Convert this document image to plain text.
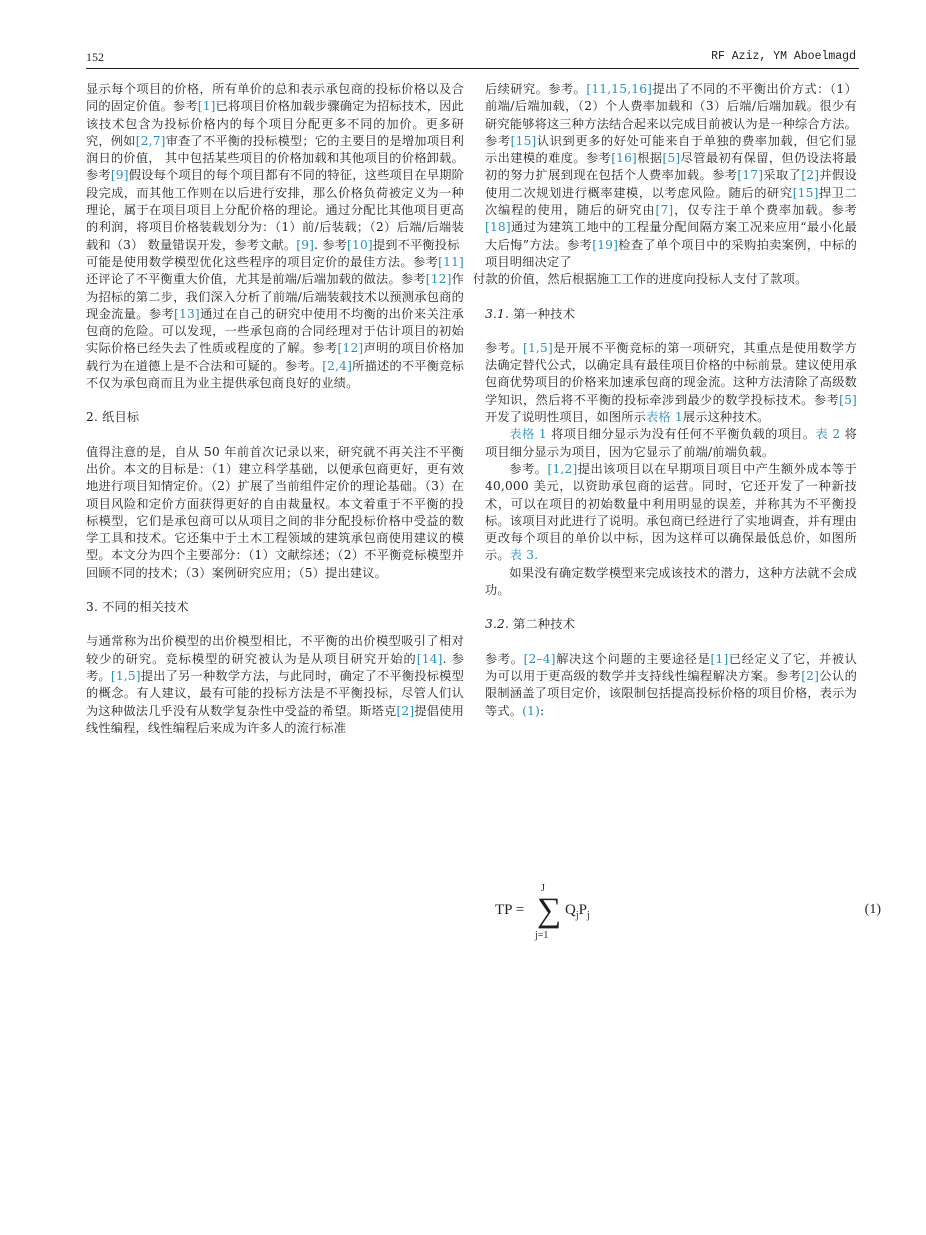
152	RF Aziz, YM Aboelmagd

显示每个项目的价格，所有单价的总和表示承包商的投标价格以及合同的固定价值。参考[1]已将项目价格加载步骤确定为招标技术，因此该技术包含为投标价格内的每个项目分配更多不同的加价。更多研究，例如[2,7]审查了不平衡的投标模型；它的主要目的是增加项目利润日的价值， 其中包括某些项目的价格加载和其他项目的价格卸载。参考[9]假设每个项目的每个项目都有不同的特征，这些项目在早期阶段完成，而其他工作则在以后进行安排，那么价格负荷被定义为一种理论，属于在项目项目上分配价格的理论。通过分配比其他项目更高的利润，将项目价格装载划分为：（1）前/后装载；（2）后端/后端装载和（3） 数量错误开发，参考文献。[9]. 参考[10]提到不平衡投标

可能是使用数学模型优化这些程序的项目定价的最佳方法。参考[11]还评论了不平衡重大价值，尤其是前端/后端加载的做法。参考[12]作为招标的第二步，我们深入分析了前端/后端装载技术以预测承包商的现金流量。参考[13]通过在自己的研究中使用不均衡的出价来关注承包商的危险。可以发现，一些承包商的合同经理对于估计项目的初始实际价格已经失去了性质或程度的了解。参考[12]声明的项目价格加载行为在道德上是不合法和可疑的。参考。[2,4]所描述的不平衡竞标不仅为承包商而且为业主提供承包商良好的业绩。

2. 纸目标

值得注意的是，自从 50 年前首次记录以来，研究就不再关注不平衡出价。本文的目标是：（1）建立科学基础，以便承包商更好，更有效地进行项目知情定价。（2）扩展了当前组件定价的理论基础。（3）在项目风险和定价方面获得更好的自由裁量权。本文着重于不平衡的投标模型，它们是承包商可以从项目之间的非分配投标价格中受益的数学工具和技术。它还集中于土木工程领域的建筑承包商使用建议的模型。本文分为四个主要部分：（1）文献综述；（2）不平衡竞标模型并回顾不同的技术；（3）案例研究应用；（5）提出建议。

3. 不同的相关技术

与通常称为出价模型的出价模型相比，不平衡的出价模型吸引了相对较少的研究。竞标模型的研究被认为是从项目研究开始的[14]. 参考。[1,5]提出了另一种数学方法，与此同时，确定了不平衡投标模型的概念。有人建议，最有可能的投标方法是不平衡投标，尽管人们认为这种做法几乎没有从数学复杂性中受益的希望。斯塔克[2]提倡使用线性编程，线性编程后来成为许多人的流行标准

后续研究。参考。[11,15,16]提出了不同的不平衡出价方式：（1）前端/后端加载，（2）个人费率加载和（3）后端/后端加载。很少有研究能够将这三种方法结合起来以完成目前被认为是一种综合方法。参考[15]认识到更多的好处可能来自于单独的费率加载，但它们显示出建模的难度。参考[16]根据[5]尽管最初有保留，但仍设法将最初的努力扩展到现在包括个人费率加载。参考[17]采取了[2]并假设使用二次规划进行概率建模，以考虑风险。随后的研究[15]捍卫二次编程的使用，随后的研究由[7]，仅专注于单个费率加载。参考[18]通过为建筑工地中的工程量分配间隔方案工况来应用“最小化最大后悔”方法。参考[19]检查了单个项目中的采购拍卖案例，中标的项目明细决定了

付款的价值，然后根据施工工作的进度向投标人支付了款项。

3.1. 第一种技术

参考。[1,5]是开展不平衡竞标的第一项研究，其重点是使用数学方法确定替代公式，以确定具有最佳项目价格的中标前景。建议使用承包商优势项目的价格来加速承包商的现金流。这种方法清除了高级数学知识，然后将不平衡的投标牵涉到最少的数学投标技术。参考[5]开发了说明性项目，如图所示表格 1展示这种技术。

表格 1 将项目细分显示为没有任何不平衡负载的项目。表 2 将项目细分显示为项目，因为它显示了前端/前端负载。

参考。[1,2]提出该项目以在早期项目项目中产生额外成本等于 40,000 美元，以资助承包商的运营。同时，它还开发了一种新技术，可以在项目的初始数量中利用明显的误差，并称其为不平衡投标。该项目对此进行了说明。承包商已经进行了实地调查，并有理由更改每个项目的单价以中标，因为这样可以确保最低总价，如图所示。表 3.

如果没有确定数学模型来完成该技术的潜力，这种方法就不会成功。

3.2. 第二种技术

参考。[2–4]解决这个问题的主要途径是[1]已经定义了它，并被认为可以用于更高级的数学并支持线性编程解决方案。参考[2]公认的限制涵盖了项目定价，该限制包括提高投标价格的项目价格，表示为等式。(1):

TP = ∑
J
j=1
$Q_jP_j$	(1)
